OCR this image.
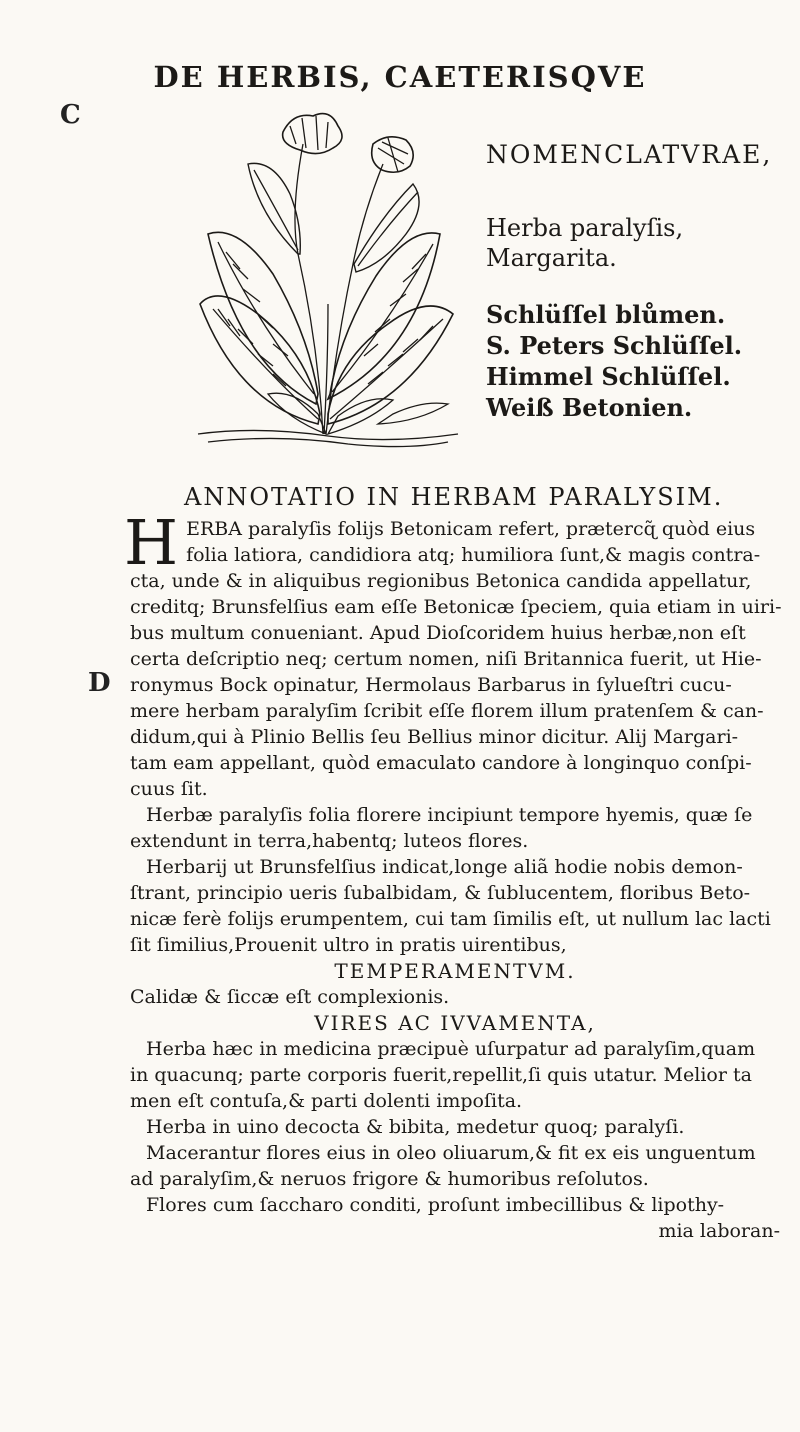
C
D
DE HERBIS, CAETERISQVE
NOMENCLATVRAE,
Herba paralyſis,
Margarita.
Schlüſſel blůmen.
S. Peters Schlüſſel.
Himmel Schlüſſel.
Weiß Betonien.
ANNOTATIO IN HERBAM PARALYSIM.
H ERBA paralyſis folijs Betonicam refert, prætercɋ̃ quòd eius
folia latiora, candidiora atq; humiliora ſunt,& magis contra-
cta, unde & in aliquibus regionibus Betonica candida appellatur,
creditq; Brunsfelſius eam eſſe Betonicæ ſpeciem, quia etiam in uiri-
bus multum conueniant. Apud Dioſcoridem huius herbæ,non eſt
certa deſcriptio neq; certum nomen, niſi Britannica fuerit, ut Hie-
ronymus Bock opinatur, Hermolaus Barbarus in ſylueſtri cucu-
mere herbam paralyſim ſcribit eſſe florem illum pratenſem & can-
didum,qui à Plinio Bellis ſeu Bellius minor dicitur. Alij Margari-
tam eam appellant, quòd emaculato candore à longinquo conſpi-
cuus ſit.
Herbæ paralyſis folia florere incipiunt tempore hyemis, quæ ſe
extendunt in terra,habentq; luteos flores.
Herbarij ut Brunsfelſius indicat,longe aliã hodie nobis demon-
ſtrant, principio ueris ſubalbidam, & ſublucentem, floribus Beto-
nicæ ferè folijs erumpentem, cui tam ſimilis eſt, ut nullum lac lacti
ſit ſimilius,Prouenit ultro in pratis uirentibus,
TEMPERAMENTVM.
Calidæ & ſiccæ eſt complexionis.
VIRES AC IVVAMENTA,
Herba hæc in medicina præcipuè uſurpatur ad paralyſim,quam
in quacunq; parte corporis fuerit,repellit,ſi quis utatur. Melior ta
men eſt contuſa,& parti dolenti impoſita.
Herba in uino decocta & bibita, medetur quoq; paralyſi.
Macerantur flores eius in oleo oliuarum,& fit ex eis unguentum
ad paralyſim,& neruos frigore & humoribus reſolutos.
Flores cum ſaccharo conditi, proſunt imbecillibus & lipothy-
mia laboran-
